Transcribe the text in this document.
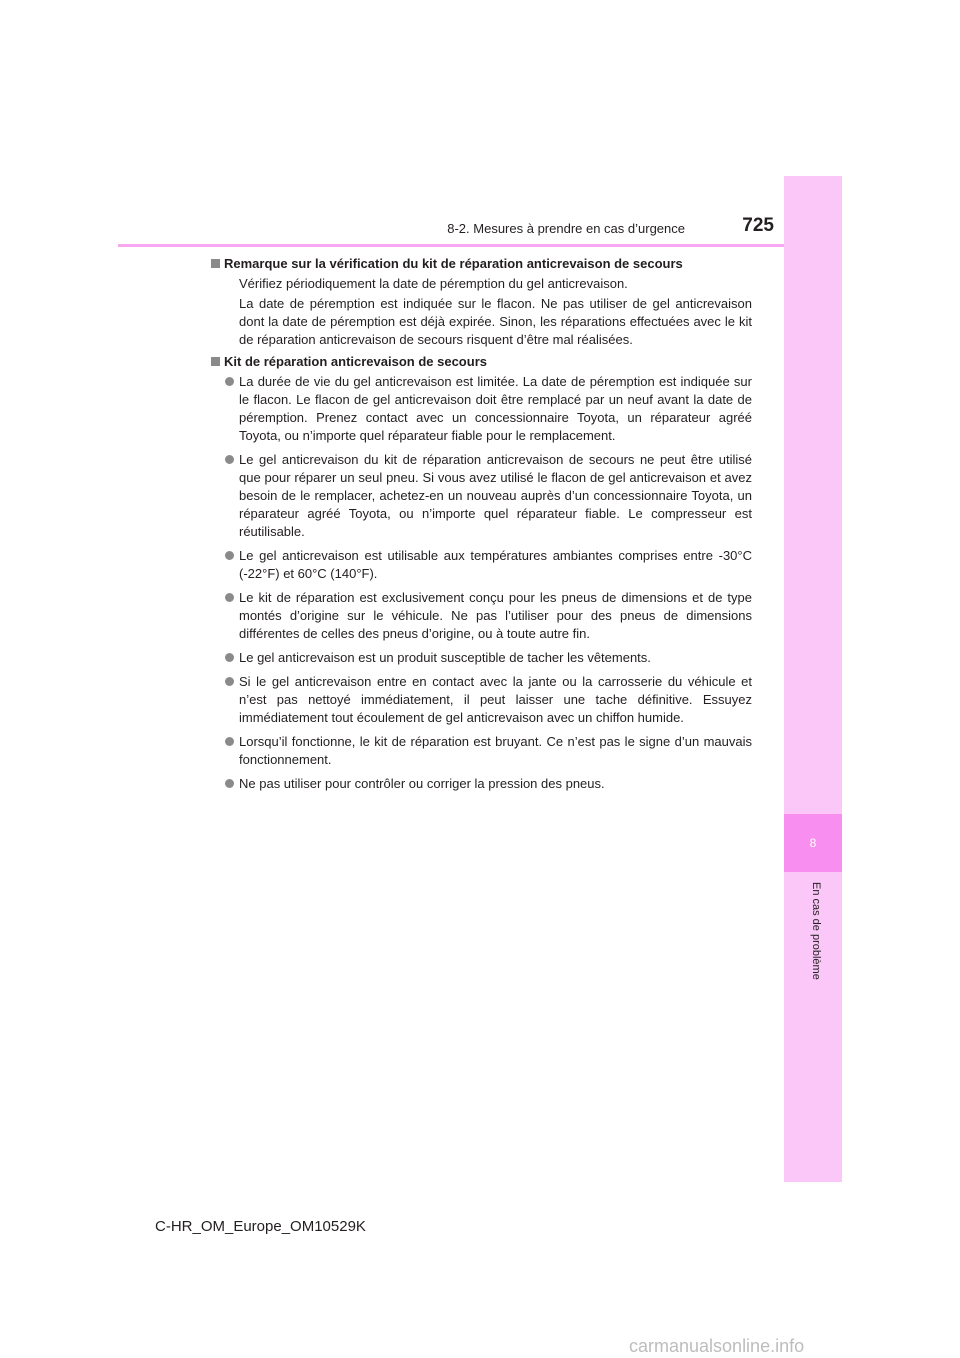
8-2. Mesures à prendre en cas d’urgence	725
8
En cas de problème
Remarque sur la vérification du kit de réparation anticrevaison de secours
Vérifiez périodiquement la date de péremption du gel anticrevaison.
La date de péremption est indiquée sur le flacon. Ne pas utiliser de gel anticrevaison dont la date de péremption est déjà expirée. Sinon, les réparations effectuées avec le kit de réparation anticrevaison de secours risquent d’être mal réalisées.
Kit de réparation anticrevaison de secours
La durée de vie du gel anticrevaison est limitée. La date de péremption est indiquée sur le flacon. Le flacon de gel anticrevaison doit être remplacé par un neuf avant la date de péremption. Prenez contact avec un concessionnaire Toyota, un réparateur agréé Toyota, ou n’importe quel réparateur fiable pour le remplacement.
Le gel anticrevaison du kit de réparation anticrevaison de secours ne peut être utilisé que pour réparer un seul pneu. Si vous avez utilisé le flacon de gel anticrevaison et avez besoin de le remplacer, achetez-en un nouveau auprès d’un concessionnaire Toyota, un réparateur agréé Toyota, ou n’importe quel réparateur fiable. Le compresseur est réutilisable.
Le gel anticrevaison est utilisable aux températures ambiantes comprises entre -30°C (-22°F) et 60°C (140°F).
Le kit de réparation est exclusivement conçu pour les pneus de dimensions et de type montés d’origine sur le véhicule. Ne pas l’utiliser pour des pneus de dimensions différentes de celles des pneus d’origine, ou à toute autre fin.
Le gel anticrevaison est un produit susceptible de tacher les vêtements.
Si le gel anticrevaison entre en contact avec la jante ou la carrosserie du véhicule et n’est pas nettoyé immédiatement, il peut laisser une tache définitive. Essuyez immédiatement tout écoulement de gel anticrevaison avec un chiffon humide.
Lorsqu’il fonctionne, le kit de réparation est bruyant. Ce n’est pas le signe d’un mauvais fonctionnement.
Ne pas utiliser pour contrôler ou corriger la pression des pneus.
C-HR_OM_Europe_OM10529K
carmanualsonline.info
